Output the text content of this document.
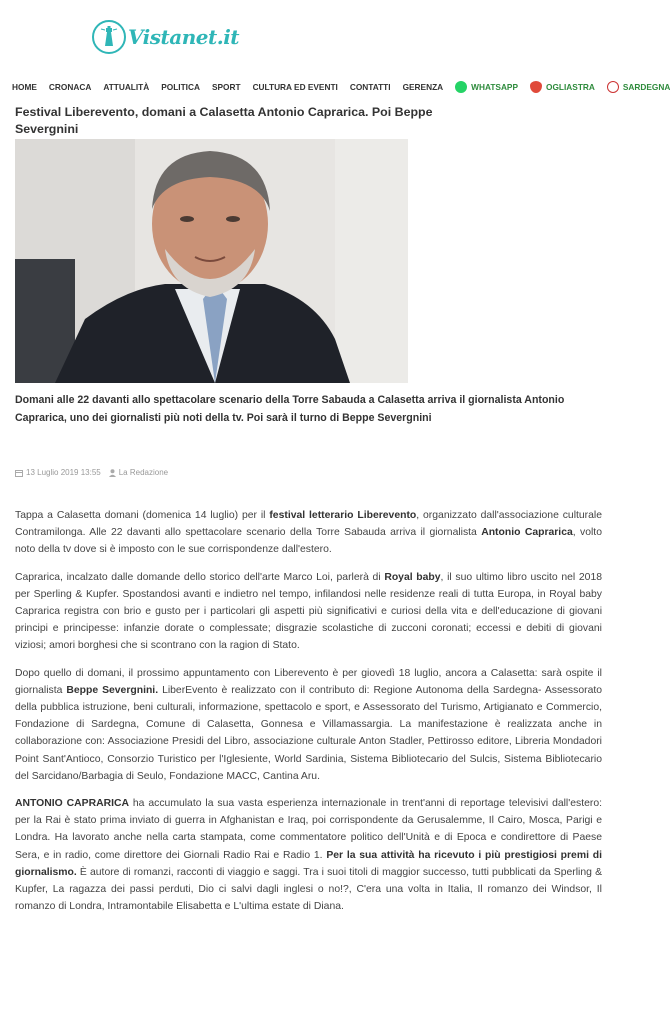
Vistanet.it
HOME CRONACA ATTUALITÀ POLITICA SPORT CULTURA ED EVENTI CONTATTI GERENZA	WHATSAPP	OGLIASTRA	SARDEGNA
Festival Liberevento, domani a Calasetta Antonio Caprarica. Poi Beppe Severgnini

Domani alle 22 davanti allo spettacolare scenario della Torre Sabauda a Calasetta arriva il giornalista Antonio Caprarica, uno dei giornalisti più noti della tv. Poi sarà il turno di Beppe Severgnini

13 Luglio 2019 13:55 La Redazione

Tappa a Calasetta domani (domenica 14 luglio) per il festival letterario Liberevento, organizzato dall'associazione culturale Contramilonga. Alle 22 davanti allo spettacolare scenario della Torre Sabauda arriva il giornalista Antonio Caprarica, volto noto della tv dove si è imposto con le sue corrispondenze dall'estero.

Caprarica, incalzato dalle domande dello storico dell'arte Marco Loi, parlerà di Royal baby, il suo ultimo libro uscito nel 2018 per Sperling & Kupfer. Spostandosi avanti e indietro nel tempo, infilandosi nelle residenze reali di tutta Europa, in Royal baby Caprarica registra con brio e gusto per i particolari gli aspetti più significativi e curiosi della vita e dell'educazione di giovani principi e principesse: infanzie dorate o complessate; disgrazie scolastiche di zucconi coronati; eccessi e debiti di giovani viziosi; amori borghesi che si scontrano con la ragion di Stato.

Dopo quello di domani, il prossimo appuntamento con Liberevento è per giovedì 18 luglio, ancora a Calasetta: sarà ospite il giornalista Beppe Severgnini. LiberEvento è realizzato con il contributo di: Regione Autonoma della Sardegna- Assessorato della pubblica istruzione, beni culturali, informazione, spettacolo e sport, e Assessorato del Turismo, Artigianato e Commercio, Fondazione di Sardegna, Comune di Calasetta, Gonnesa e Villamassargia. La manifestazione è realizzata anche in collaborazione con: Associazione Presidi del Libro, associazione culturale Anton Stadler, Pettirosso editore, Libreria Mondadori Point Sant'Antioco, Consorzio Turistico per l'Iglesiente, World Sardinia, Sistema Bibliotecario del Sulcis, Sistema Bibliotecario del Sarcidano/Barbagia di Seulo, Fondazione MACC, Cantina Aru.

ANTONIO CAPRARICA ha accumulato la sua vasta esperienza internazionale in trent'anni di reportage televisivi dall'estero: per la Rai è stato prima inviato di guerra in Afghanistan e Iraq, poi corrispondente da Gerusalemme, Il Cairo, Mosca, Parigi e Londra. Ha lavorato anche nella carta stampata, come commentatore politico dell'Unità e di Epoca e condirettore di Paese Sera, e in radio, come direttore dei Giornali Radio Rai e Radio 1. Per la sua attività ha ricevuto i più prestigiosi premi di giornalismo. È autore di romanzi, racconti di viaggio e saggi. Tra i suoi titoli di maggior successo, tutti pubblicati da Sperling & Kupfer, La ragazza dei passi perduti, Dio ci salvi dagli inglesi o no!?, C'era una volta in Italia, Il romanzo dei Windsor, Il romanzo di Londra, Intramontabile Elisabetta e L'ultima estate di Diana.
